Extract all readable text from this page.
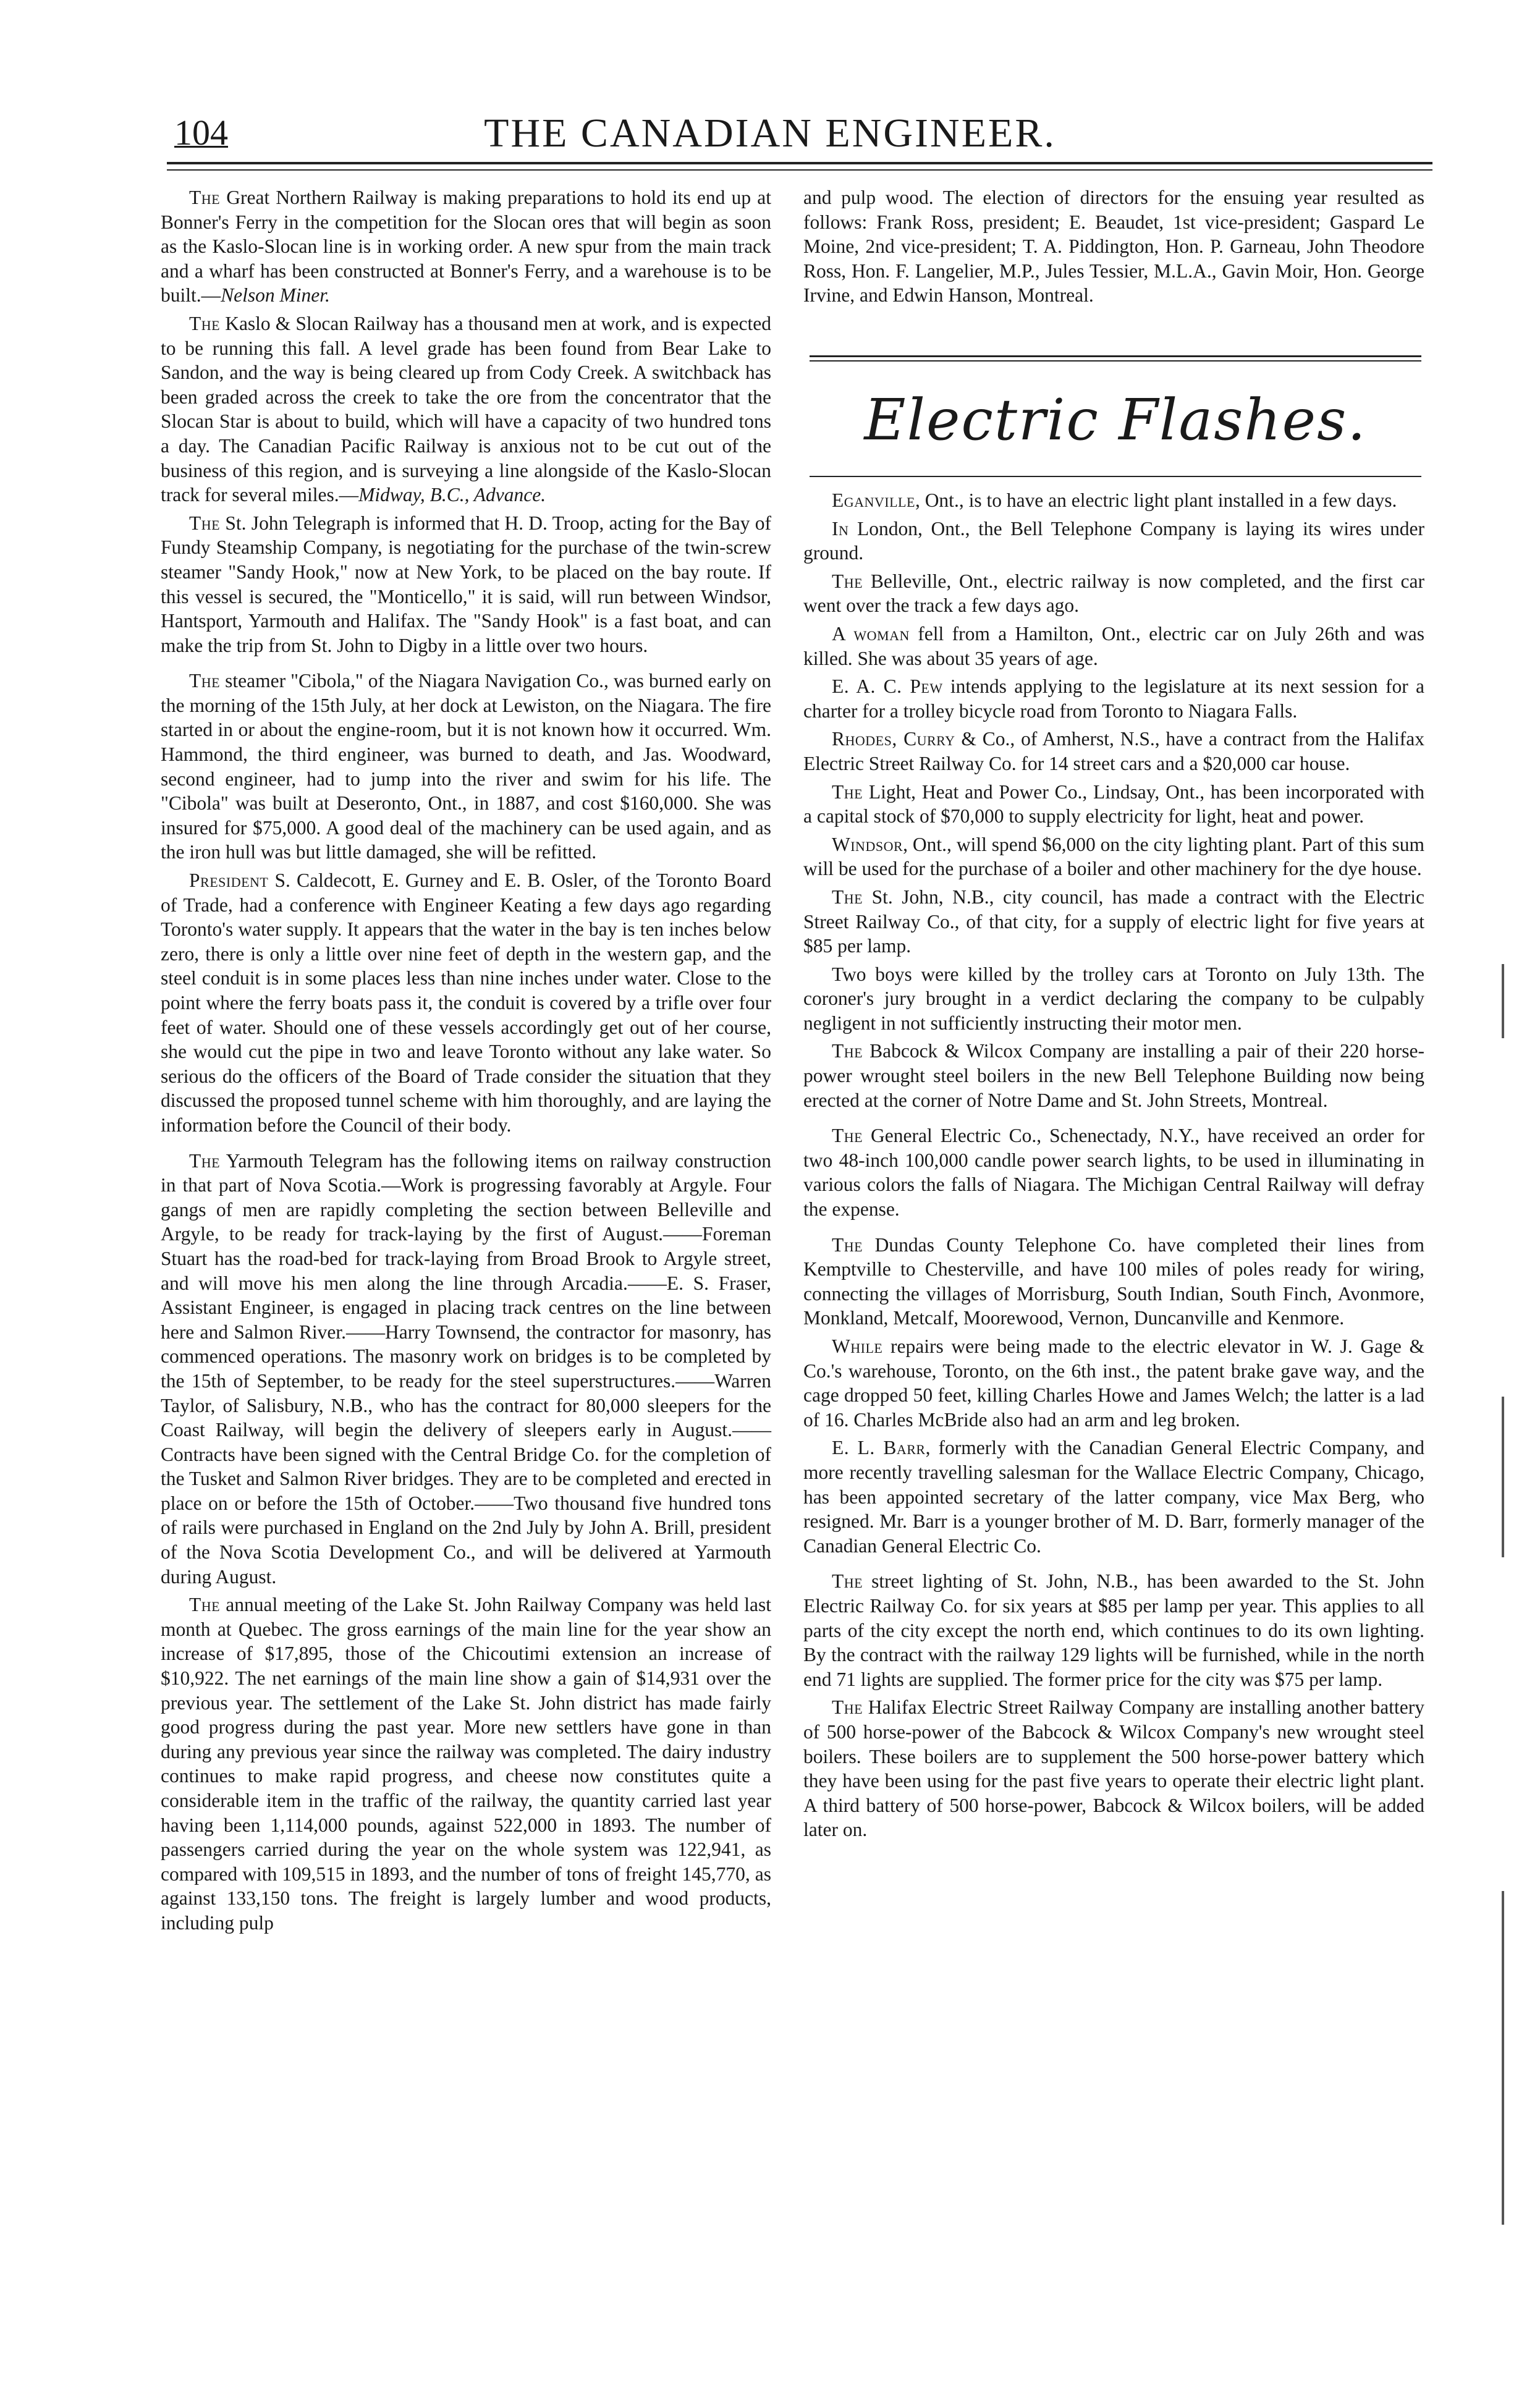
104	THE CANADIAN ENGINEER.

The Great Northern Railway is making preparations to hold its end up at Bonner's Ferry in the competition for the Slocan ores that will begin as soon as the Kaslo-Slocan line is in working order. A new spur from the main track and a wharf has been constructed at Bonner's Ferry, and a warehouse is to be built.—Nelson Miner.

The Kaslo & Slocan Railway has a thousand men at work, and is expected to be running this fall. A level grade has been found from Bear Lake to Sandon, and the way is being cleared up from Cody Creek. A switchback has been graded across the creek to take the ore from the concentrator that the Slocan Star is about to build, which will have a capacity of two hundred tons a day. The Canadian Pacific Railway is anxious not to be cut out of the business of this region, and is surveying a line alongside of the Kaslo-Slocan track for several miles.—Midway, B.C., Advance.

The St. John Telegraph is informed that H. D. Troop, acting for the Bay of Fundy Steamship Company, is negotiating for the purchase of the twin-screw steamer "Sandy Hook," now at New York, to be placed on the bay route. If this vessel is secured, the "Monticello," it is said, will run between Windsor, Hantsport, Yarmouth and Halifax. The "Sandy Hook" is a fast boat, and can make the trip from St. John to Digby in a little over two hours.

The steamer "Cibola," of the Niagara Navigation Co., was burned early on the morning of the 15th July, at her dock at Lewiston, on the Niagara. The fire started in or about the engine-room, but it is not known how it occurred. Wm. Hammond, the third engineer, was burned to death, and Jas. Woodward, second engineer, had to jump into the river and swim for his life. The "Cibola" was built at Deseronto, Ont., in 1887, and cost $160,000. She was insured for $75,000. A good deal of the machinery can be used again, and as the iron hull was but little damaged, she will be refitted.

President S. Caldecott, E. Gurney and E. B. Osler, of the Toronto Board of Trade, had a conference with Engineer Keating a few days ago regarding Toronto's water supply. It appears that the water in the bay is ten inches below zero, there is only a little over nine feet of depth in the western gap, and the steel conduit is in some places less than nine inches under water. Close to the point where the ferry boats pass it, the conduit is covered by a trifle over four feet of water. Should one of these vessels accordingly get out of her course, she would cut the pipe in two and leave Toronto without any lake water. So serious do the officers of the Board of Trade consider the situation that they discussed the proposed tunnel scheme with him thoroughly, and are laying the information before the Council of their body.

The Yarmouth Telegram has the following items on railway construction in that part of Nova Scotia.—Work is progressing favorably at Argyle. Four gangs of men are rapidly completing the section between Belleville and Argyle, to be ready for track-laying by the first of August.——Foreman Stuart has the road-bed for track-laying from Broad Brook to Argyle street, and will move his men along the line through Arcadia.——E. S. Fraser, Assistant Engineer, is engaged in placing track centres on the line between here and Salmon River.——Harry Townsend, the contractor for masonry, has commenced operations. The masonry work on bridges is to be completed by the 15th of September, to be ready for the steel superstructures.——Warren Taylor, of Salisbury, N.B., who has the contract for 80,000 sleepers for the Coast Railway, will begin the delivery of sleepers early in August.——Contracts have been signed with the Central Bridge Co. for the completion of the Tusket and Salmon River bridges. They are to be completed and erected in place on or before the 15th of October.——Two thousand five hundred tons of rails were purchased in England on the 2nd July by John A. Brill, president of the Nova Scotia Development Co., and will be delivered at Yarmouth during August.

The annual meeting of the Lake St. John Railway Company was held last month at Quebec. The gross earnings of the main line for the year show an increase of $17,895, those of the Chicoutimi extension an increase of $10,922. The net earnings of the main line show a gain of $14,931 over the previous year. The settlement of the Lake St. John district has made fairly good progress during the past year. More new settlers have gone in than during any previous year since the railway was completed. The dairy industry continues to make rapid progress, and cheese now constitutes quite a considerable item in the traffic of the railway, the quantity carried last year having been 1,114,000 pounds, against 522,000 in 1893. The number of passengers carried during the year on the whole system was 122,941, as compared with 109,515 in 1893, and the number of tons of freight 145,770, as against 133,150 tons. The freight is largely lumber and wood products, including pulp

and pulp wood. The election of directors for the ensuing year resulted as follows: Frank Ross, president; E. Beaudet, 1st vice-president; Gaspard Le Moine, 2nd vice-president; T. A. Piddington, Hon. P. Garneau, John Theodore Ross, Hon. F. Langelier, M.P., Jules Tessier, M.L.A., Gavin Moir, Hon. George Irvine, and Edwin Hanson, Montreal.

Electric Flashes.

Eganville, Ont., is to have an electric light plant installed in a few days.

In London, Ont., the Bell Telephone Company is laying its wires under ground.

The Belleville, Ont., electric railway is now completed, and the first car went over the track a few days ago.

A woman fell from a Hamilton, Ont., electric car on July 26th and was killed. She was about 35 years of age.

E. A. C. Pew intends applying to the legislature at its next session for a charter for a trolley bicycle road from Toronto to Niagara Falls.

Rhodes, Curry & Co., of Amherst, N.S., have a contract from the Halifax Electric Street Railway Co. for 14 street cars and a $20,000 car house.

The Light, Heat and Power Co., Lindsay, Ont., has been incorporated with a capital stock of $70,000 to supply electricity for light, heat and power.

Windsor, Ont., will spend $6,000 on the city lighting plant. Part of this sum will be used for the purchase of a boiler and other machinery for the dye house.

The St. John, N.B., city council, has made a contract with the Electric Street Railway Co., of that city, for a supply of electric light for five years at $85 per lamp.

Two boys were killed by the trolley cars at Toronto on July 13th. The coroner's jury brought in a verdict declaring the company to be culpably negligent in not sufficiently instructing their motor men.

The Babcock & Wilcox Company are installing a pair of their 220 horse-power wrought steel boilers in the new Bell Telephone Building now being erected at the corner of Notre Dame and St. John Streets, Montreal.

The General Electric Co., Schenectady, N.Y., have received an order for two 48-inch 100,000 candle power search lights, to be used in illuminating in various colors the falls of Niagara. The Michigan Central Railway will defray the expense.

The Dundas County Telephone Co. have completed their lines from Kemptville to Chesterville, and have 100 miles of poles ready for wiring, connecting the villages of Morrisburg, South Indian, South Finch, Avonmore, Monkland, Metcalf, Moorewood, Vernon, Duncanville and Kenmore.

While repairs were being made to the electric elevator in W. J. Gage & Co.'s warehouse, Toronto, on the 6th inst., the patent brake gave way, and the cage dropped 50 feet, killing Charles Howe and James Welch; the latter is a lad of 16. Charles McBride also had an arm and leg broken.

E. L. Barr, formerly with the Canadian General Electric Company, and more recently travelling salesman for the Wallace Electric Company, Chicago, has been appointed secretary of the latter company, vice Max Berg, who resigned. Mr. Barr is a younger brother of M. D. Barr, formerly manager of the Canadian General Electric Co.

The street lighting of St. John, N.B., has been awarded to the St. John Electric Railway Co. for six years at $85 per lamp per year. This applies to all parts of the city except the north end, which continues to do its own lighting. By the contract with the railway 129 lights will be furnished, while in the north end 71 lights are supplied. The former price for the city was $75 per lamp.

The Halifax Electric Street Railway Company are installing another battery of 500 horse-power of the Babcock & Wilcox Company's new wrought steel boilers. These boilers are to supplement the 500 horse-power battery which they have been using for the past five years to operate their electric light plant. A third battery of 500 horse-power, Babcock & Wilcox boilers, will be added later on.
